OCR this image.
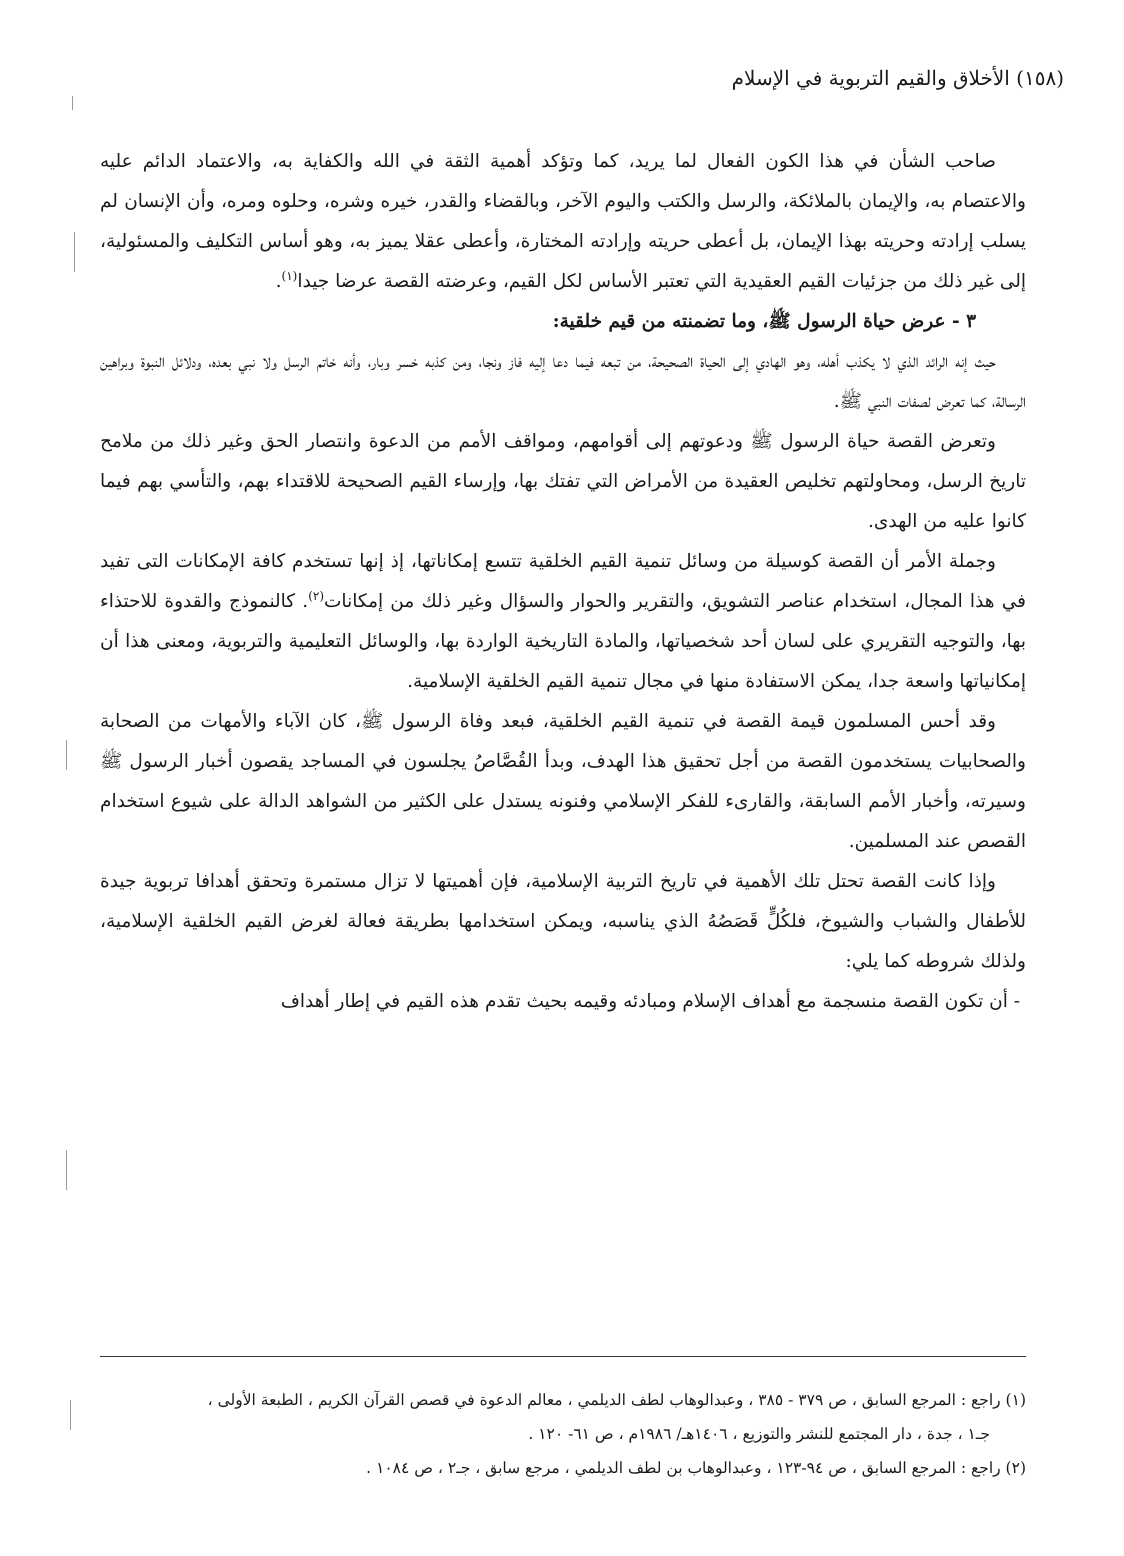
(١٥٨) الأخلاق والقيم التربوية في الإسلام

صاحب الشأن في هذا الكون الفعال لما يريد، كما وتؤكد أهمية الثقة في الله والكفاية به، والاعتماد الدائم عليه والاعتصام به، والإيمان بالملائكة، والرسل والكتب واليوم الآخر، وبالقضاء والقدر، خيره وشره، وحلوه ومره، وأن الإنسان لم يسلب إرادته وحريته بهذا الإيمان، بل أعطى حريته وإرادته المختارة، وأعطى عقلا يميز به، وهو أساس التكليف والمسئولية، إلى غير ذلك من جزئيات القيم العقيدية التي تعتبر الأساس لكل القيم، وعرضته القصة عرضا جيدا$^{(١)}$.

٣ - عرض حياة الرسول ﷺ، وما تضمنته من قيم خلقية:

حيث إنه الرائد الذي لا يكذب أهله، وهو الهادي إلى الحياة الصحيحة، من تبعه فيما دعا إليه فاز ونجا، ومن كذبه خسر وبار، وأنه خاتم الرسل ولا نبي بعده، ودلائل النبوة وبراهين الرسالة، كما تعرض لصفات النبي ﷺ.

وتعرض القصة حياة الرسول ﷺ ودعوتهم إلى أقوامهم، ومواقف الأمم من الدعوة وانتصار الحق وغير ذلك من ملامح تاريخ الرسل، ومحاولتهم تخليص العقيدة من الأمراض التي تفتك بها، وإرساء القيم الصحيحة للاقتداء بهم، والتأسي بهم فيما كانوا عليه من الهدى.

وجملة الأمر أن القصة كوسيلة من وسائل تنمية القيم الخلقية تتسع إمكاناتها، إذ إنها تستخدم كافة الإمكانات التى تفيد في هذا المجال، استخدام عناصر التشويق، والتقرير والحوار والسؤال وغير ذلك من إمكانات$^{(٢)}$. كالنموذج والقدوة للاحتذاء بها، والتوجيه التقريري على لسان أحد شخصياتها، والمادة التاريخية الواردة بها، والوسائل التعليمية والتربوية، ومعنى هذا أن إمكانياتها واسعة جدا، يمكن الاستفادة منها في مجال تنمية القيم الخلقية الإسلامية.

وقد أحس المسلمون قيمة القصة في تنمية القيم الخلقية، فبعد وفاة الرسول ﷺ، كان الآباء والأمهات من الصحابة والصحابيات يستخدمون القصة من أجل تحقيق هذا الهدف، وبدأ القُصَّاصُ يجلسون في المساجد يقصون أخبار الرسول ﷺ وسيرته، وأخبار الأمم السابقة، والقارىء للفكر الإسلامي وفنونه يستدل على الكثير من الشواهد الدالة على شيوع استخدام القصص عند المسلمين.

وإذا كانت القصة تحتل تلك الأهمية في تاريخ التربية الإسلامية، فإن أهميتها لا تزال مستمرة وتحقق أهدافا تربوية جيدة للأطفال والشباب والشيوخ، فلكُلٍّ قَصَصُهُ الذي يناسبه، ويمكن استخدامها بطريقة فعالة لغرض القيم الخلقية الإسلامية، ولذلك شروطه كما يلي:

- أن تكون القصة منسجمة مع أهداف الإسلام ومبادئه وقيمه بحيث تقدم هذه القيم في إطار أهداف

(١) راجع : المرجع السابق ، ص ٣٧٩ - ٣٨٥ ، وعبدالوهاب لطف الديلمي ، معالم الدعوة في قصص القرآن الكريم ، الطبعة الأولى ،

جـ١ ، جدة ، دار المجتمع للنشر والتوزيع ، ١٤٠٦هـ/ ١٩٨٦م ، ص ٦١- ١٢٠ .

(٢) راجع : المرجع السابق ، ص ٩٤-١٢٣ ، وعبدالوهاب بن لطف الديلمي ، مرجع سابق ، جـ٢ ، ص ١٠٨٤ .
